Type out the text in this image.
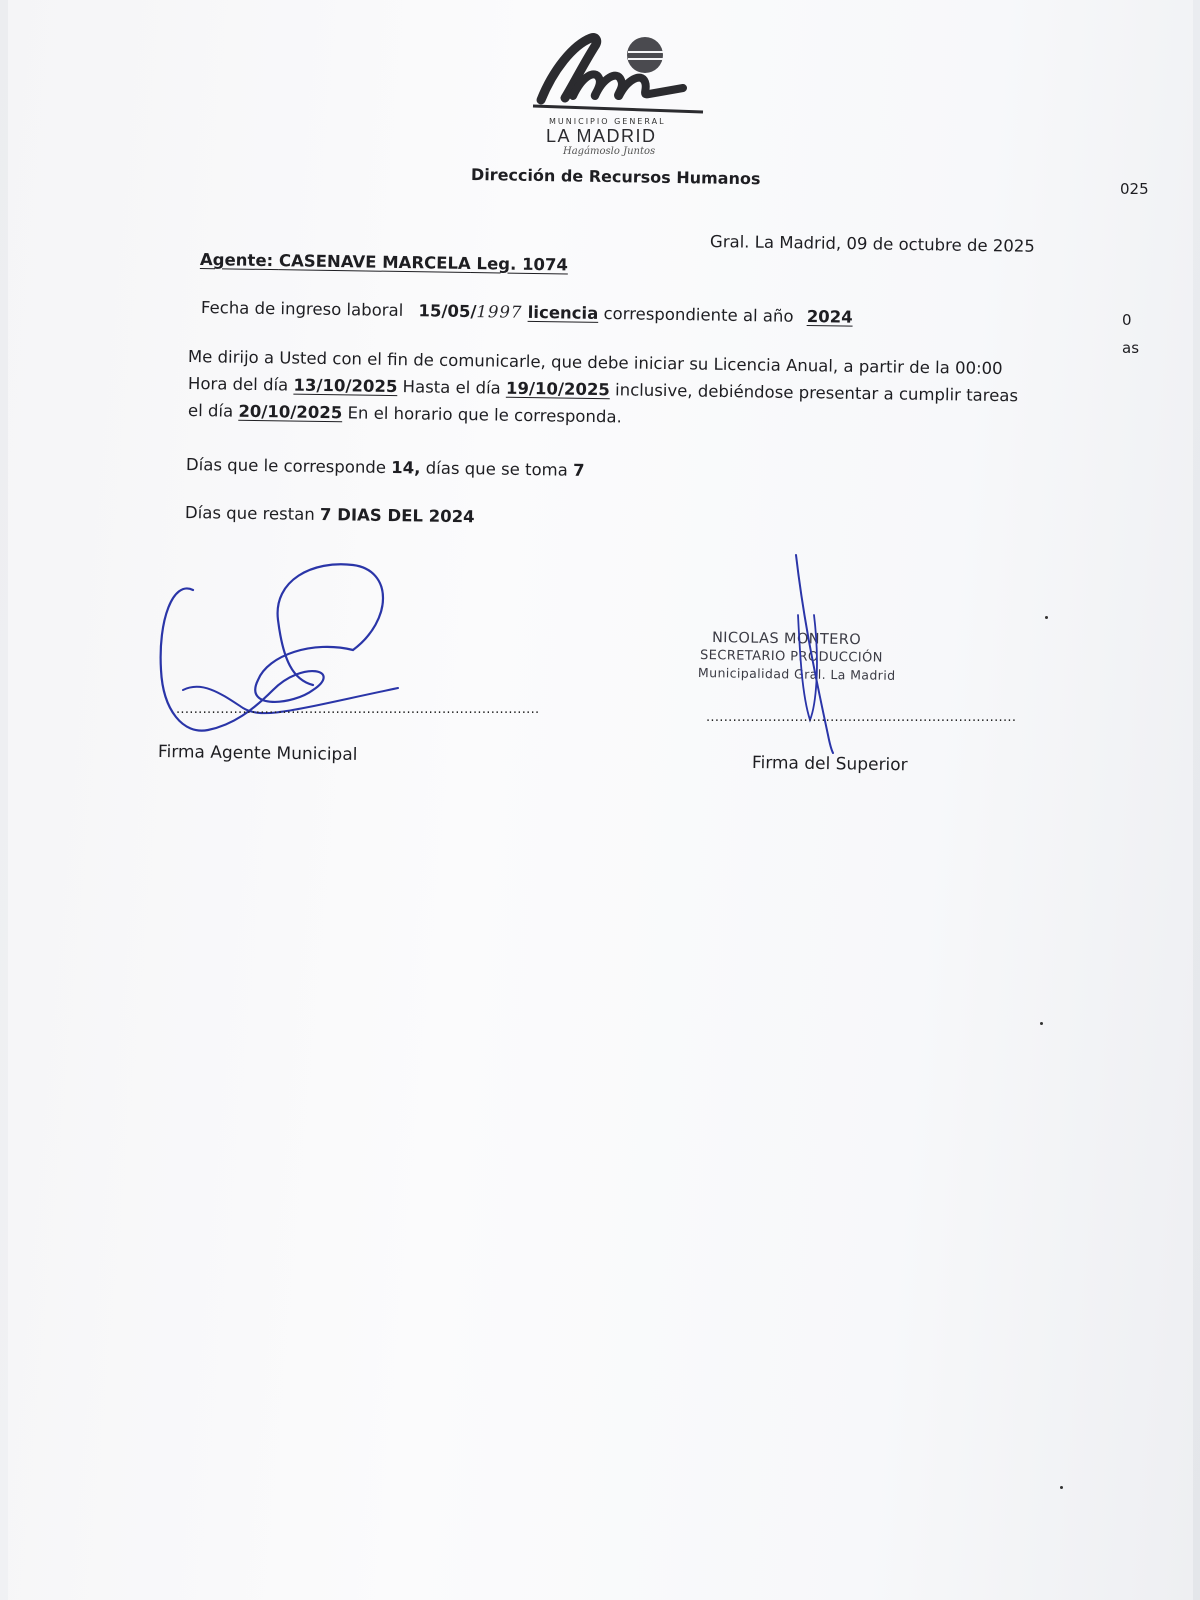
MUNICIPIO GENERAL
LA MADRID
Hagámoslo Juntos
Dirección de Recursos Humanos
Gral. La Madrid, 09 de octubre de 2025
Agente: CASENAVE MARCELA Leg. 1074
Fecha de ingreso laboral 15/05/1997 licencia correspondiente al año 2024
Me dirijo a Usted con el fin de comunicarle, que debe iniciar su Licencia Anual, a partir de la 00:00
Hora del día 13/10/2025 Hasta el día 19/10/2025 inclusive, debiéndose presentar a cumplir tareas
el día 20/10/2025 En el horario que le corresponda.
Días que le corresponde 14, días que se toma 7
Días que restan 7 DIAS DEL 2024
..................................................................................
Firma Agente Municipal
NICOLAS MONTERO
SECRETARIO PRODUCCIÓN
Municipalidad Gral. La Madrid
......................................................................
Firma del Superior
025
0
as
